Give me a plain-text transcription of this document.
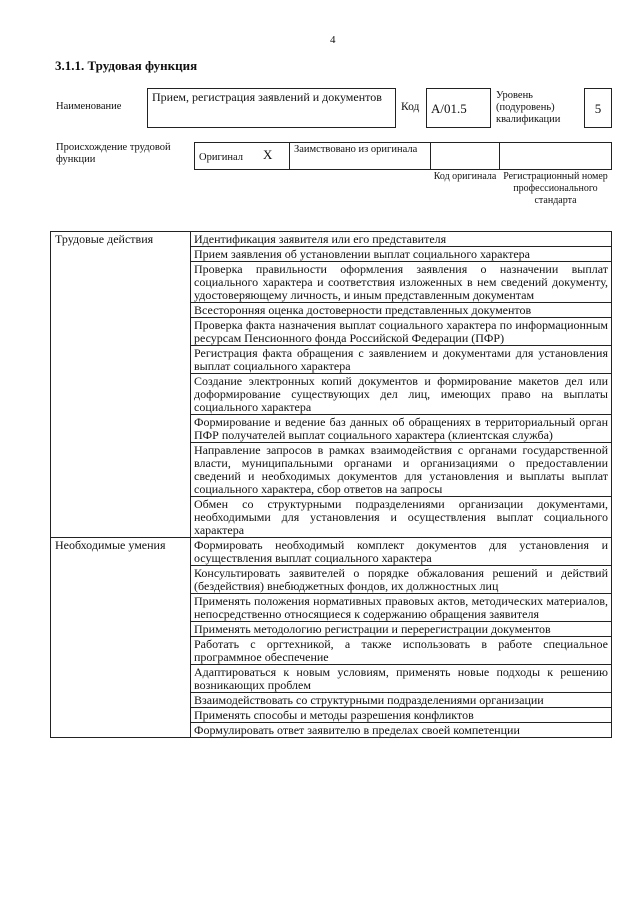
4
3.1.1. Трудовая функция
Наименование
Прием, регистрация заявлений и документов
Код A/01.5
Уровень (подуровень) квалификации
5
Происхождение трудовой функции	Оригинал X	Заимствовано из оригинала
Код оригинала Регистрационный номер профессионального стандарта
Трудовые действия	Идентификация заявителя или его представителя
	Прием заявления об установлении выплат социального характера
	Проверка правильности оформления заявления о назначении выплат социального характера и соответствия изложенных в нем сведений документу, удостоверяющему личность, и иным представленным документам
	Всесторонняя оценка достоверности представленных документов
	Проверка факта назначения выплат социального характера по информационным ресурсам Пенсионного фонда Российской Федерации (ПФР)
	Регистрация факта обращения с заявлением и документами для установления выплат социального характера
	Создание электронных копий документов и формирование макетов дел или доформирование существующих дел лиц, имеющих право на выплаты социального характера
	Формирование и ведение баз данных об обращениях в территориальный орган ПФР получателей выплат социального характера (клиентская служба)
	Направление запросов в рамках взаимодействия с органами государственной власти, муниципальными органами и организациями о предоставлении сведений и необходимых документов для установления и выплаты выплат социального характера, сбор ответов на запросы
	Обмен со структурными подразделениями организации документами, необходимыми для установления и осуществления выплат социального характера
Необходимые умения	Формировать необходимый комплект документов для установления и осуществления выплат социального характера
	Консультировать заявителей о порядке обжалования решений и действий (бездействия) внебюджетных фондов, их должностных лиц
	Применять положения нормативных правовых актов, методических материалов, непосредственно относящиеся к содержанию обращения заявителя
	Применять методологию регистрации и перерегистрации документов
	Работать с оргтехникой, а также использовать в работе специальное программное обеспечение
	Адаптироваться к новым условиям, применять новые подходы к решению возникающих проблем
	Взаимодействовать со структурными подразделениями организации
	Применять способы и методы разрешения конфликтов
	Формулировать ответ заявителю в пределах своей компетенции
